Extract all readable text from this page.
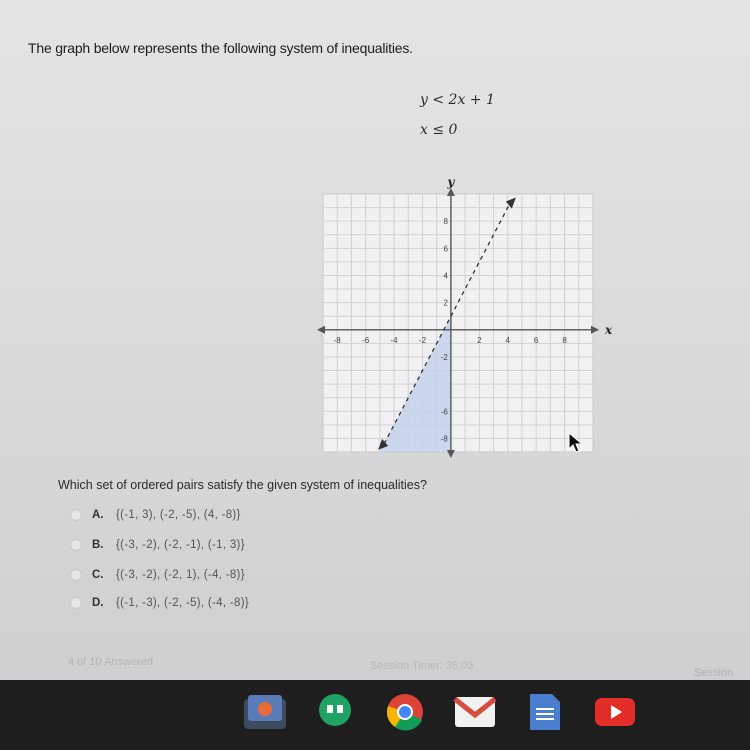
The graph below represents the following system of inequalities.
y < 2x + 1
x ≤ 0
-8	-6	-4	-2	2	4	6	8
8
6
4
2
-2
-6
-8
x
y
Which set of ordered pairs satisfy the given system of inequalities?
A. {(-1, 3), (-2, -5), (4, -8)}
B. {(-3, -2), (-2, -1), (-1, 3)}
C. {(-3, -2), (-2, 1), (-4, -8)}
D. {(-1, -3), (-2, -5), (-4, -8)}
4 of 10 Answered	Session Timer: 35:03
Session
